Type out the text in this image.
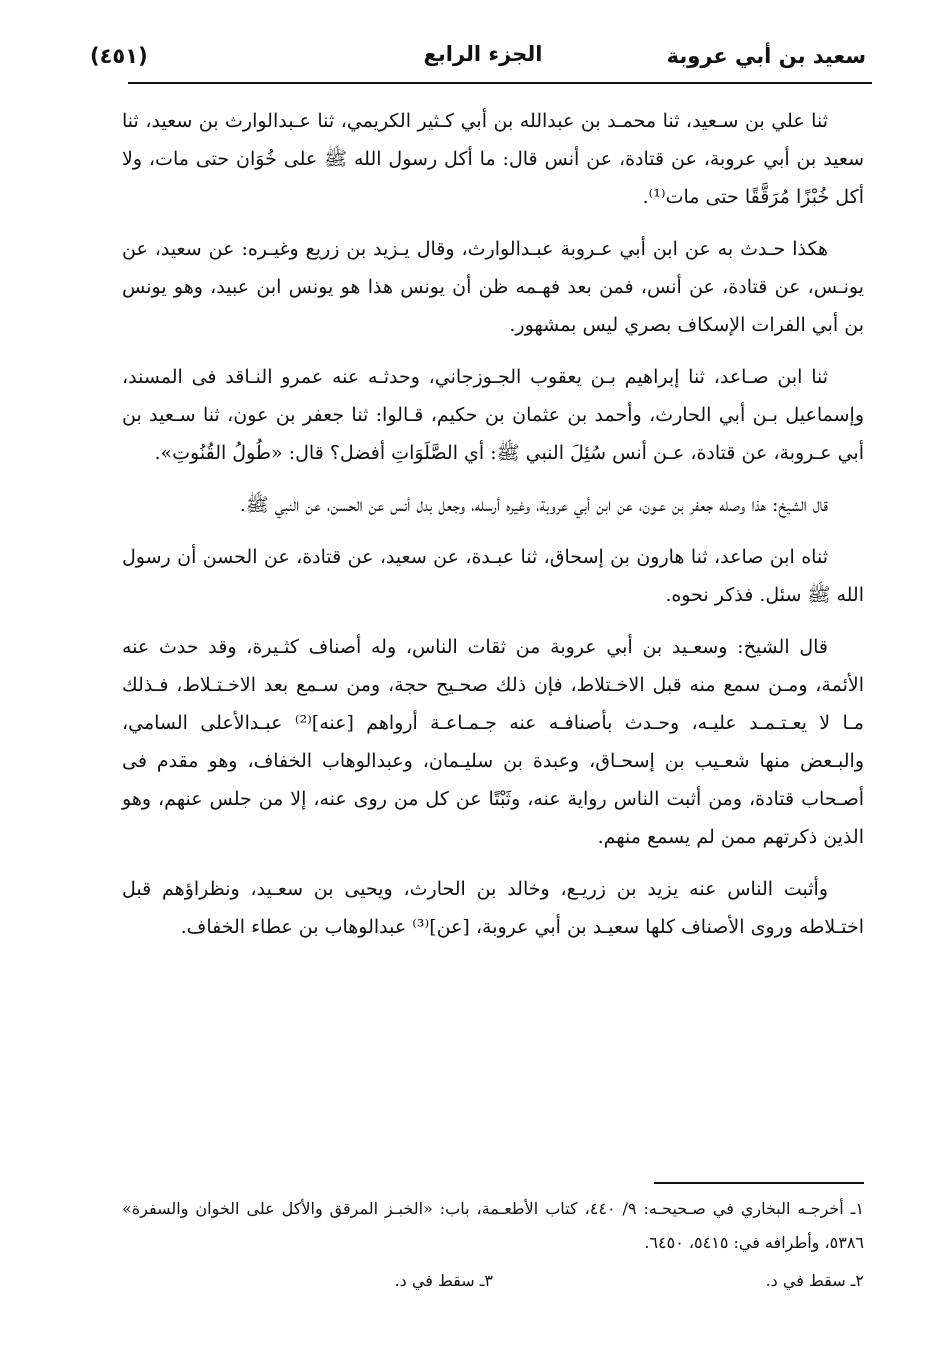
سعيد بن أبي عروبة
الجزء الرابع
(٤٥١)

ثنا علي بن سـعيد، ثنا محمـد بن عبدالله بن أبي كـثير الكريمي، ثنا عـبدالوارث بن سعيد، ثنا سعيد بن أبي عروبة، عن قتادة، عن أنس قال: ما أكل رسول الله ﷺ على خُوَان حتى مات، ولا أكل خُبْزًا مُرَقَّقًا حتى مات⁽¹⁾.

هكذا حـدث به عن ابن أبي عـروبة عبـدالوارث، وقال يـزيد بن زريع وغيـره: عن سعيد، عن يونـس، عن قتادة، عن أنس، فمن بعد فهـمه ظن أن يونس هذا هو يونس ابن عبيد، وهو يونس بن أبي الفرات الإسكاف بصري ليس بمشهور.

ثنا ابن صـاعد، ثنا إبراهيم بـن يعقوب الجـوزجاني، وحدثـه عنه عمرو النـاقد فى المسند، وإسماعيل بـن أبي الحارث، وأحمد بن عثمان بن حكيم، قـالوا: ثنا جعفر بن عون، ثنا سـعيد بن أبي عـروبة، عن قتادة، عـن أنس سُئِلَ النبي ﷺ: أي الصَّلَوَاتِ أفضل؟ قال: «طُولُ القُنُوتِ».

قال الشيخ: هذا وصله جعفر بن عـون، عن ابن أبي عروبة، وغيره أرسله، وجعل بدل أنس عن الحسن، عن النبي ﷺ.

ثناه ابن صاعد، ثنا هارون بن إسحاق، ثنا عبـدة، عن سعيد، عن قتادة، عن الحسن أن رسول الله ﷺ سئل. فذكر نحوه.

قال الشيخ: وسعـيد بن أبي عروبة من ثقات الناس، وله أصناف كثـيرة، وقد حدث عنه الأئمة، ومـن سمع منه قبل الاخـتلاط، فإن ذلك صحـيح حجة، ومن سـمع بعد الاخـتـلاط، فـذلك مـا لا يعـتـمـد عليـه، وحـدث بأصنافـه عنه جـمـاعـة أرواهم [عنه]⁽²⁾ عبـدالأعلى السامي، والبـعض منها شعـيب بن إسحـاق، وعبدة بن سليـمان، وعبدالوهاب الخفاف، وهو مقدم فى أصـحاب قتادة، ومن أثبت الناس رواية عنه، وثَبْتًا عن كل من روى عنه، إلا من جلس عنهم، وهو الذين ذكرتهم ممن لم يسمع منهم.

وأثبت الناس عنه يزيد بن زريـع، وخالد بن الحارث، ويحيى بن سعـيد، ونظراؤهم قبل اختـلاطه وروى الأصناف كلها سعيـد بن أبي عروبة، [عن]⁽³⁾ عبدالوهاب بن عطاء الخفاف.

١ـ أخرجـه البخاري في صـحيحـه: ٩/ ٤٤٠، كتاب الأطعـمة، باب: «الخبـز المرقق والأكل على الخوان والسفرة» ٥٣٨٦، وأطرافه في: ٥٤١٥، ٦٤٥٠.

٢ـ سقط في د.
٣ـ سقط في د.
